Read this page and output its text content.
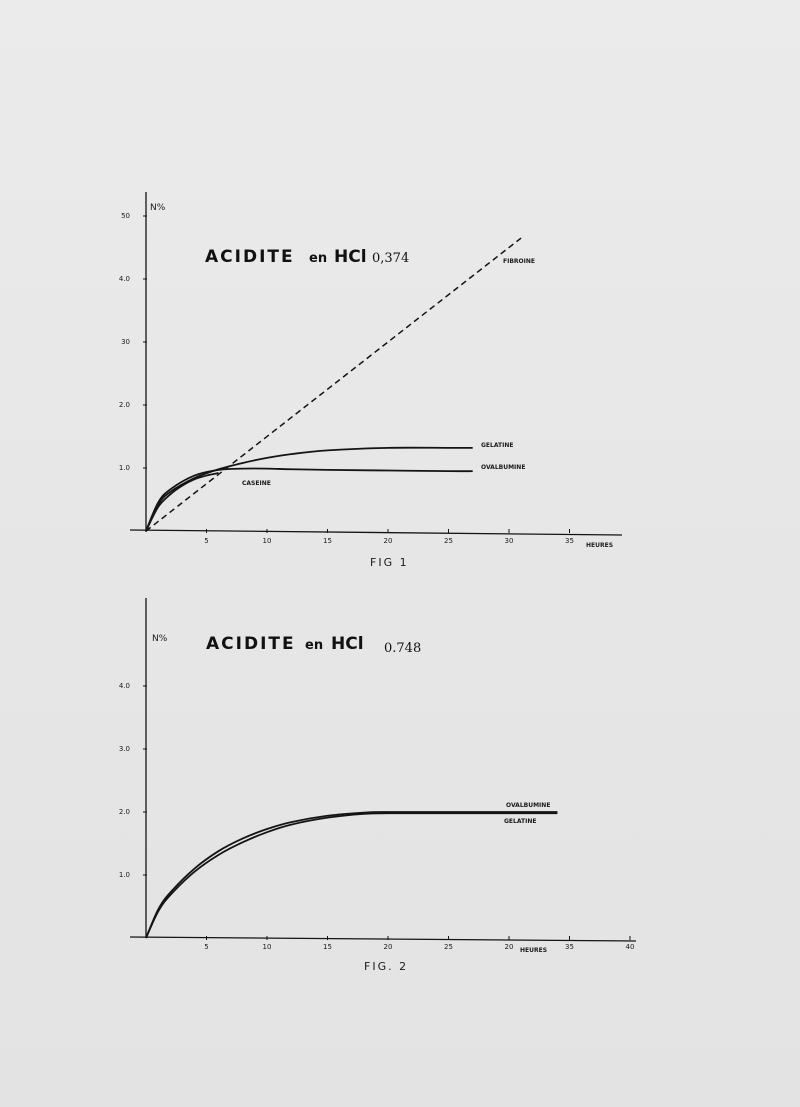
N%
HEURES
ACIDITE en HCl 0,374
FIG 1
5	10	15	20	25	30	35
1.0
2.0
30
4.0
50
FIBROINE
GELATINE
OVALBUMINE
CASEINE
N%
HEURES
ACIDITE en HCl 0.748
FIG. 2
5	10	15	20	25	20	35	40
1.0
2.0
3.0
4.0
OVALBUMINE
GELATINE
